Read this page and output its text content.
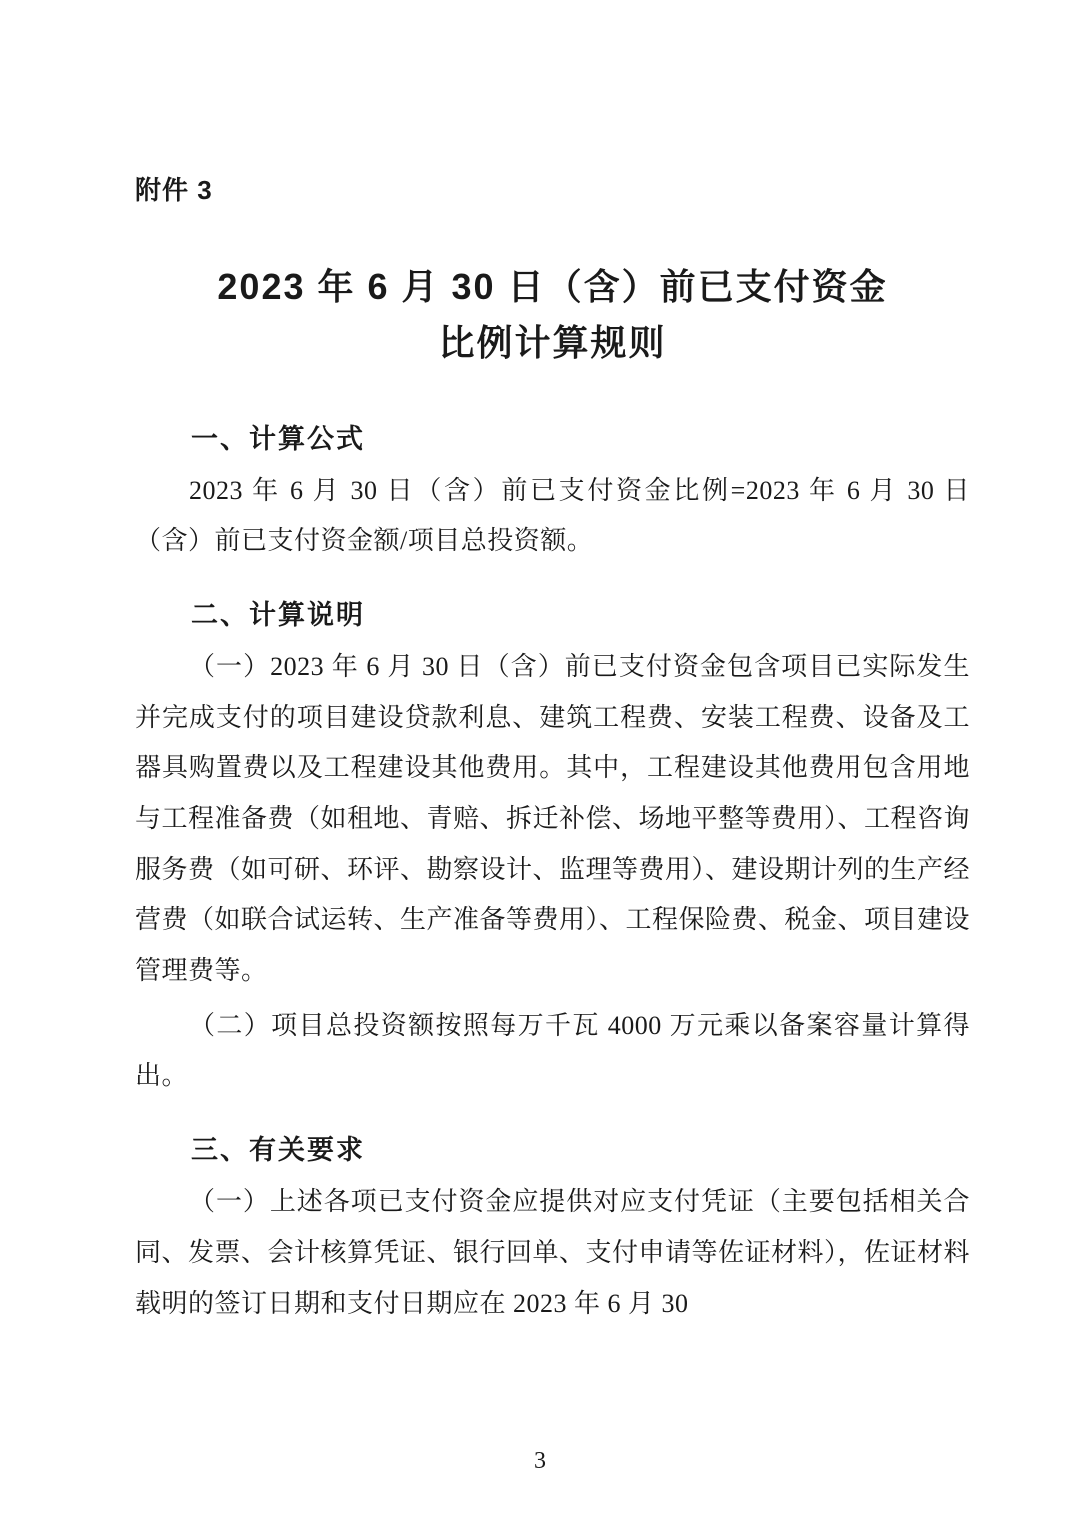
附件 3
2023 年 6 月 30 日（含）前已支付资金
比例计算规则
一、计算公式

2023 年 6 月 30 日（含）前已支付资金比例=2023 年 6 月 30 日（含）前已支付资金额/项目总投资额。

二、计算说明

（一）2023 年 6 月 30 日（含）前已支付资金包含项目已实际发生并完成支付的项目建设贷款利息、建筑工程费、安装工程费、设备及工器具购置费以及工程建设其他费用。其中，工程建设其他费用包含用地与工程准备费（如租地、青赔、拆迁补偿、场地平整等费用）、工程咨询服务费（如可研、环评、勘察设计、监理等费用）、建设期计列的生产经营费（如联合试运转、生产准备等费用）、工程保险费、税金、项目建设管理费等。

（二）项目总投资额按照每万千瓦 4000 万元乘以备案容量计算得出。

三、有关要求

（一）上述各项已支付资金应提供对应支付凭证（主要包括相关合同、发票、会计核算凭证、银行回单、支付申请等佐证材料），佐证材料载明的签订日期和支付日期应在 2023 年 6 月 30

3
